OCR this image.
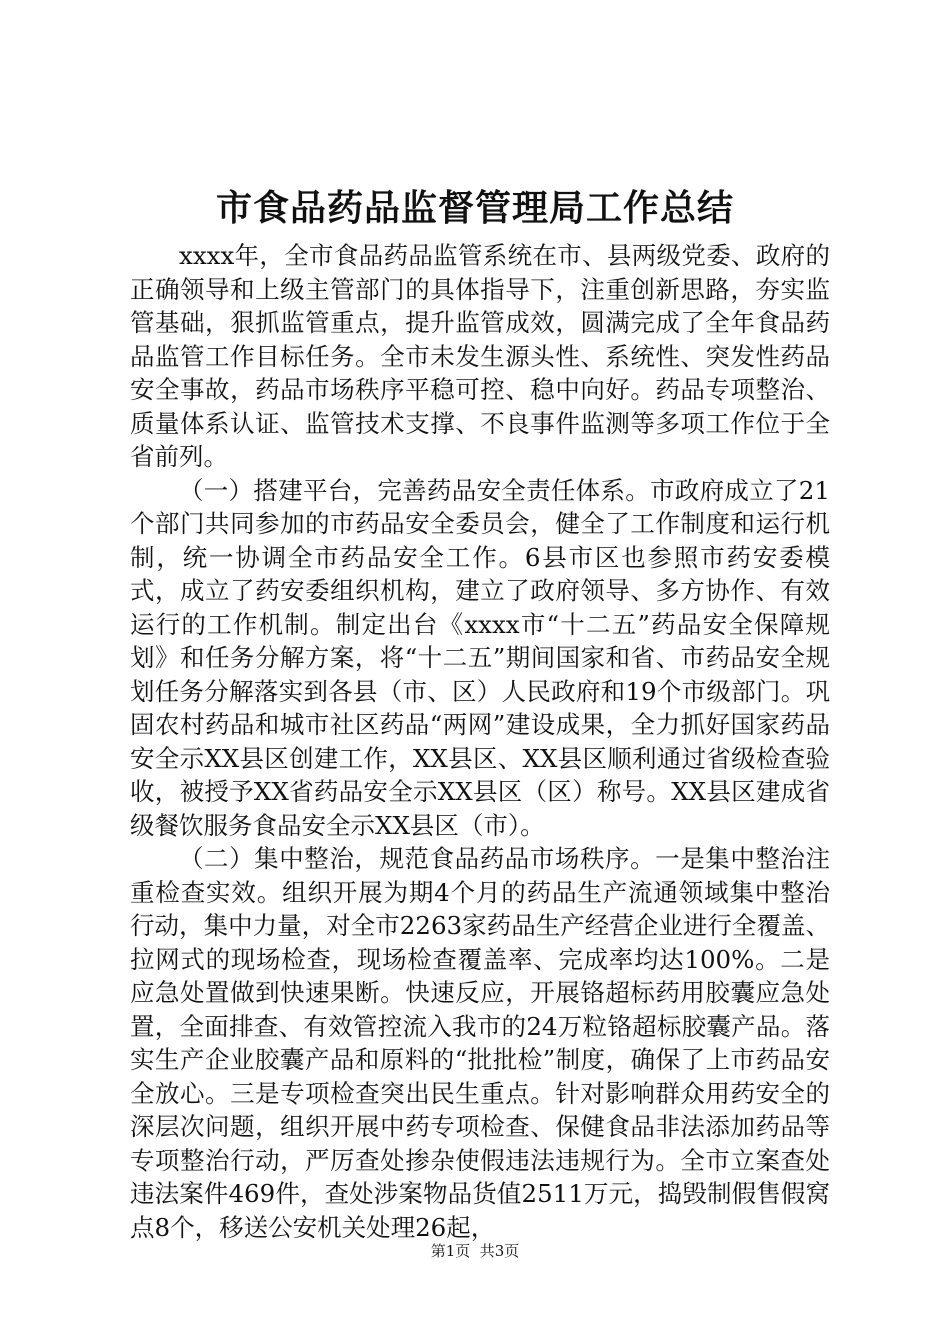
市食品药品监督管理局工作总结

xxxx年，全市食品药品监管系统在市、县两级党委、政府的正确领导和上级主管部门的具体指导下，注重创新思路，夯实监管基础，狠抓监管重点，提升监管成效，圆满完成了全年食品药品监管工作目标任务。全市未发生源头性、系统性、突发性药品安全事故，药品市场秩序平稳可控、稳中向好。药品专项整治、质量体系认证、监管技术支撑、不良事件监测等多项工作位于全省前列。

（一）搭建平台，完善药品安全责任体系。市政府成立了21个部门共同参加的市药品安全委员会，健全了工作制度和运行机制，统一协调全市药品安全工作。6县市区也参照市药安委模式，成立了药安委组织机构，建立了政府领导、多方协作、有效运行的工作机制。制定出台《xxxx市“十二五”药品安全保障规划》和任务分解方案，将“十二五”期间国家和省、市药品安全规划任务分解落实到各县（市、区）人民政府和19个市级部门。巩固农村药品和城市社区药品“两网”建设成果，全力抓好国家药品安全示XX县区创建工作，XX县区、XX县区顺利通过省级检查验收，被授予XX省药品安全示XX县区（区）称号。XX县区建成省级餐饮服务食品安全示XX县区（市）。

（二）集中整治，规范食品药品市场秩序。一是集中整治注重检查实效。组织开展为期4个月的药品生产流通领域集中整治行动，集中力量，对全市2263家药品生产经营企业进行全覆盖、拉网式的现场检查，现场检查覆盖率、完成率均达100%。二是应急处置做到快速果断。快速反应，开展铬超标药用胶囊应急处置，全面排查、有效管控流入我市的24万粒铬超标胶囊产品。落实生产企业胶囊产品和原料的“批批检”制度，确保了上市药品安全放心。三是专项检查突出民生重点。针对影响群众用药安全的深层次问题，组织开展中药专项检查、保健食品非法添加药品等专项整治行动，严厉查处掺杂使假违法违规行为。全市立案查处违法案件469件，查处涉案物品货值2511万元，捣毁制假售假窝点8个，移送公安机关处理26起，

第1页  共3页
